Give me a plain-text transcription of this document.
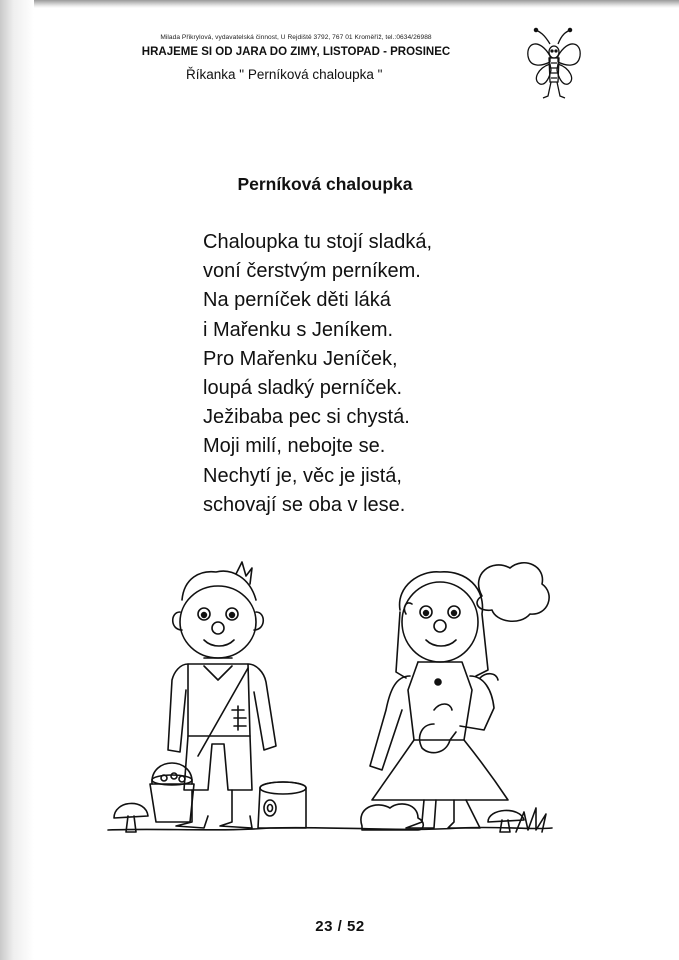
Milada Přikrylová, vydavatelská činnost, U Rejdiště 3792, 767 01 Kroměříž, tel.:0634/26988
HRAJEME SI OD JARA DO ZIMY, LISTOPAD - PROSINEC
Říkanka " Perníková chaloupka "
Perníková chaloupka
Chaloupka tu stojí sladká,
voní čerstvým perníkem.
Na perníček děti láká
i Mařenku s Jeníkem.
Pro Mařenku Jeníček,
loupá sladký perníček.
Ježibaba pec si chystá.
Moji milí, nebojte se.
Nechytí je, věc je jistá,
schovají se oba v lese.
23 / 52
